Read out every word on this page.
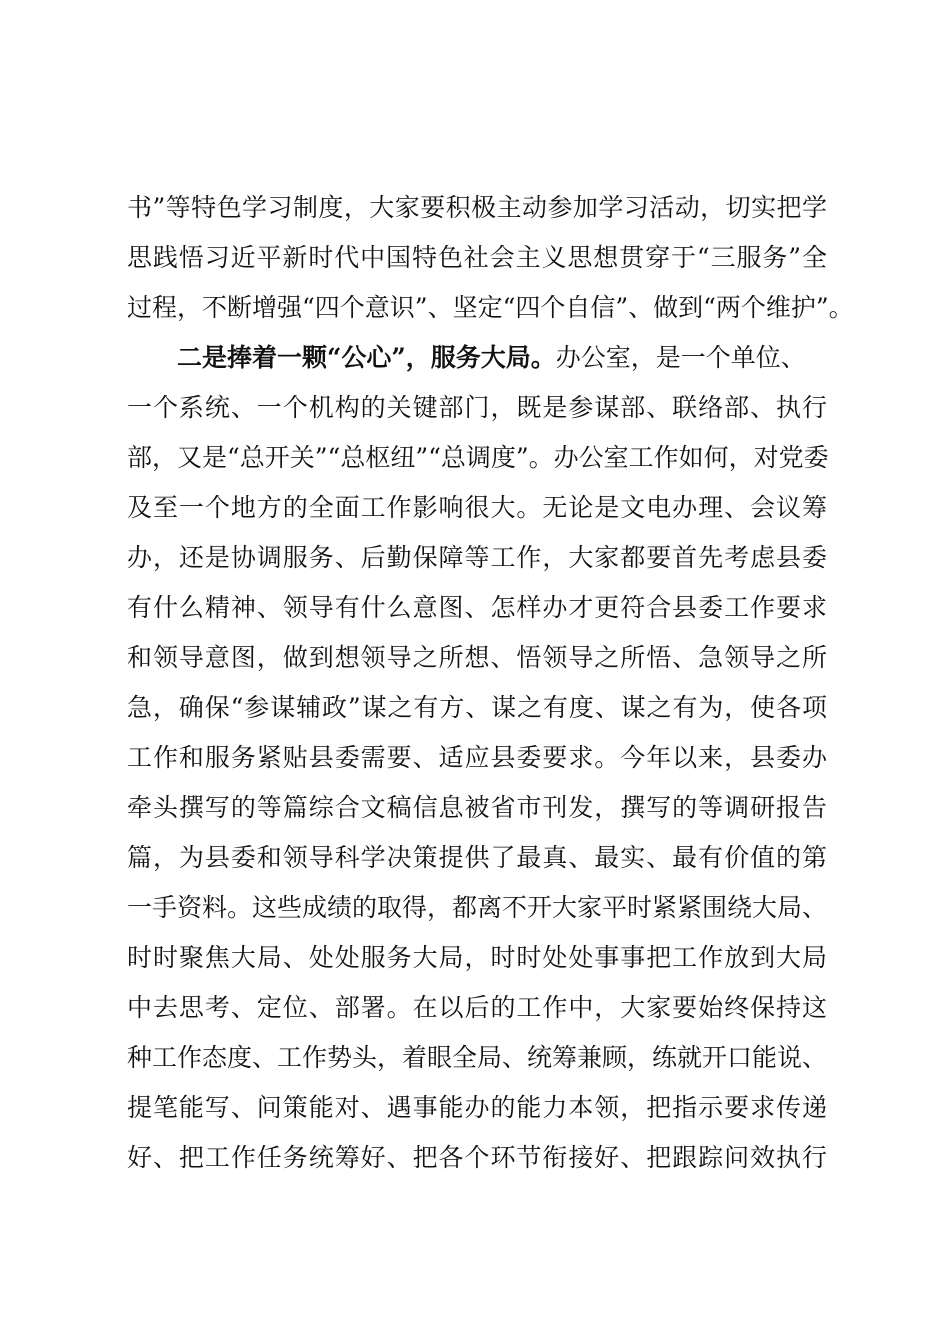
书”等特色学习制度，大家要积极主动参加学习活动，切实把学
思践悟习近平新时代中国特色社会主义思想贯穿于“三服务”全
过程，不断增强“四个意识”、坚定“四个自信”、做到“两个维护”。
二是捧着一颗“公心”，服务大局。办公室，是一个单位、
一个系统、一个机构的关键部门，既是参谋部、联络部、执行
部，又是“总开关”“总枢纽”“总调度”。办公室工作如何，对党委
及至一个地方的全面工作影响很大。无论是文电办理、会议筹
办，还是协调服务、后勤保障等工作，大家都要首先考虑县委
有什么精神、领导有什么意图、怎样办才更符合县委工作要求
和领导意图，做到想领导之所想、悟领导之所悟、急领导之所
急，确保“参谋辅政”谋之有方、谋之有度、谋之有为，使各项
工作和服务紧贴县委需要、适应县委要求。今年以来，县委办
牵头撰写的等篇综合文稿信息被省市刊发，撰写的等调研报告
篇，为县委和领导科学决策提供了最真、最实、最有价值的第
一手资料。这些成绩的取得，都离不开大家平时紧紧围绕大局、
时时聚焦大局、处处服务大局，时时处处事事把工作放到大局
中去思考、定位、部署。在以后的工作中，大家要始终保持这
种工作态度、工作势头，着眼全局、统筹兼顾，练就开口能说、
提笔能写、问策能对、遇事能办的能力本领，把指示要求传递
好、把工作任务统筹好、把各个环节衔接好、把跟踪问效执行
